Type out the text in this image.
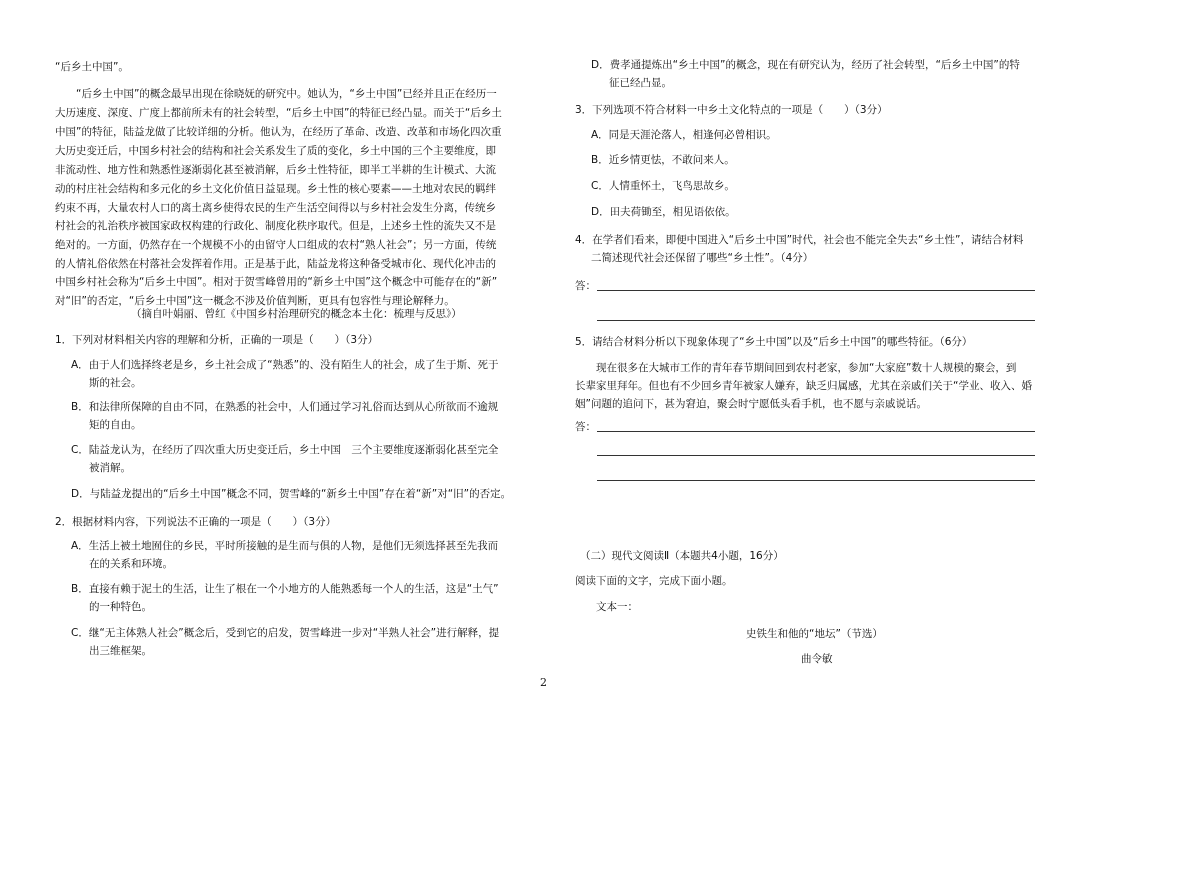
“后乡土中国”。
“后乡土中国”的概念最早出现在徐晓妩的研究中。她认为，“乡土中国”已经并且正在经历一
大历速度、深度、广度上都前所未有的社会转型，“后乡土中国”的特征已经凸显。而关于“后乡土
中国”的特征，陆益龙做了比较详细的分析。他认为，在经历了革命、改造、改革和市场化四次重
大历史变迁后，中国乡村社会的结构和社会关系发生了质的变化，乡土中国的三个主要维度，即
非流动性、地方性和熟悉性逐渐弱化甚至被消解，后乡土性特征，即半工半耕的生计模式、大流
动的村庄社会结构和多元化的乡土文化价值日益显现。乡土性的核心要素——土地对农民的羁绊
约束不再，大量农村人口的离土离乡使得农民的生产生活空间得以与乡村社会发生分离，传统乡
村社会的礼治秩序被国家政权构建的行政化、制度化秩序取代。但是，上述乡土性的流失又不是
绝对的。一方面，仍然存在一个规模不小的由留守人口组成的农村“熟人社会”；另一方面，传统
的人情礼俗依然在村落社会发挥着作用。正是基于此，陆益龙将这种备受城市化、现代化冲击的
中国乡村社会称为“后乡土中国”。相对于贺雪峰曾用的“新乡土中国”这个概念中可能存在的“新”
对“旧”的否定，“后乡土中国”这一概念不涉及价值判断，更具有包容性与理论解释力。
（摘自叶娟丽、曾红《中国乡村治理研究的概念本土化：梳理与反思》）
1．下列对材料相关内容的理解和分析，正确的一项是（　　）（3分）
A．由于人们选择终老是乡，乡土社会成了“熟悉”的、没有陌生人的社会，成了生于斯、死于
斯的社会。
B．和法律所保障的自由不同，在熟悉的社会中，人们通过学习礼俗而达到从心所欲而不逾规
矩的自由。
C．陆益龙认为，在经历了四次重大历史变迁后，乡土中国　三个主要维度逐渐弱化甚至完全
被消解。
D．与陆益龙提出的“后乡土中国”概念不同，贺雪峰的“新乡土中国”存在着“新”对“旧”的否定。
2．根据材料内容，下列说法不正确的一项是（　　）（3分）
A．生活上被土地囿住的乡民，平时所接触的是生而与俱的人物，是他们无须选择甚至先我而
在的关系和环境。
B．直接有赖于泥土的生活，让生了根在一个小地方的人能熟悉每一个人的生活，这是“土气”
的一种特色。
C．继“无主体熟人社会”概念后，受到它的启发，贺雪峰进一步对“半熟人社会”进行解释，提
出三维框架。
D．费孝通提炼出“乡土中国”的概念，现在有研究认为，经历了社会转型，“后乡土中国”的特
征已经凸显。
3．下列选项不符合材料一中乡土文化特点的一项是（　　）（3分）
A．同是天涯沦落人，相逢何必曾相识。
B．近乡情更怯，不敢问来人。
C．人情重怀土，飞鸟思故乡。
D．田夫荷锄至，相见语依依。
4．在学者们看来，即便中国进入“后乡土中国”时代，社会也不能完全失去“乡土性”，请结合材料
二简述现代社会还保留了哪些“乡土性”。（4分）
答：
5．请结合材料分析以下现象体现了“乡土中国”以及“后乡土中国”的哪些特征。（6分）
现在很多在大城市工作的青年春节期间回到农村老家，参加“大家庭”数十人规模的聚会，到
长辈家里拜年。但也有不少回乡青年被家人嫌弃，缺乏归属感，尤其在亲戚们关于“学业、收入、婚
姻”问题的追问下，甚为窘迫，聚会时宁愿低头看手机，也不愿与亲戚说话。
答：
（二）现代文阅读Ⅱ（本题共4小题，16分）
阅读下面的文字，完成下面小题。
文本一：
史铁生和他的“地坛”（节选）
曲令敏
2
